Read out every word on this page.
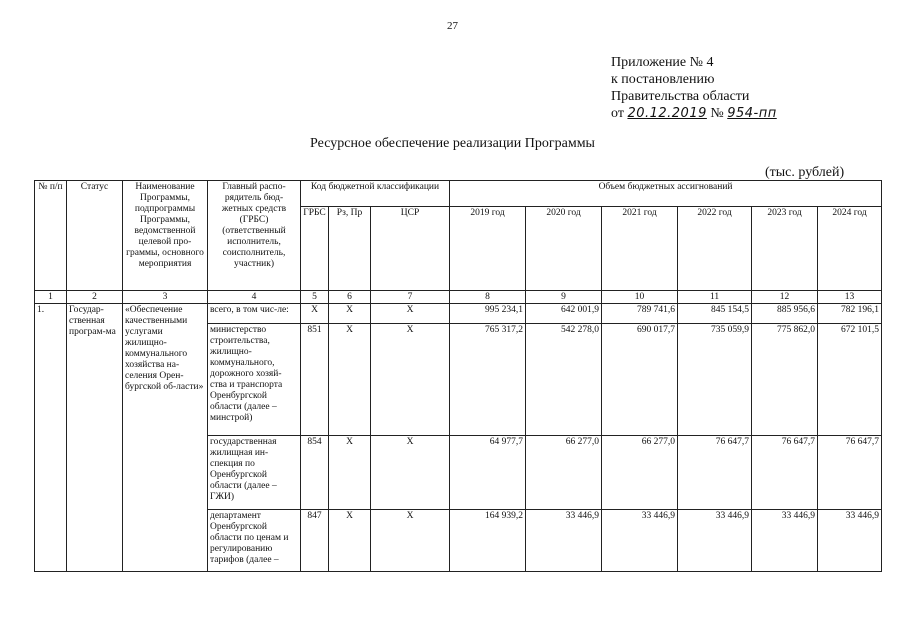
27
Приложение № 4
к постановлению
Правительства области
от 20.12.2019 № 954-пп
Ресурсное обеспечение реализации Программы
(тыс. рублей)
№ п/п	Статус	Наименование Программы, подпрограммы Программы, ведомственной целевой про-граммы, основного мероприятия	Главный распо-рядитель бюд-жетных средств (ГРБС) (ответственный исполнитель, соисполнитель, участник)	Код бюджетной классификации			Объем бюджетных ассигнований					
				ГРБС	Рз, Пр	ЦСР	2019 год	2020 год	2021 год	2022 год	2023 год	2024 год
1	2	3	4	5	6	7	8	9	10	11	12	13
1.	Государ-ственная програм-ма	«Обеспечение качественными услугами жилищно-коммунального хозяйства на-селения Орен-бургской об-ласти»	всего, в том чис-ле:	Х	Х	Х	995 234,1	642 001,9	789 741,6	845 154,5	885 956,6	782 196,1
			министерство строительства, жилищно-коммунального, дорожного хозяй-ства и транспорта Оренбургской области (далее – минстрой)	851	Х	Х	765 317,2	542 278,0	690 017,7	735 059,9	775 862,0	672 101,5
			государственная жилищная ин-спекция по Оренбургской области (далее – ГЖИ)	854	Х	Х	64 977,7	66 277,0	66 277,0	76 647,7	76 647,7	76 647,7
			департамент Оренбургской области по ценам и регулированию тарифов (далее –	847	Х	Х	164 939,2	33 446,9	33 446,9	33 446,9	33 446,9	33 446,9
